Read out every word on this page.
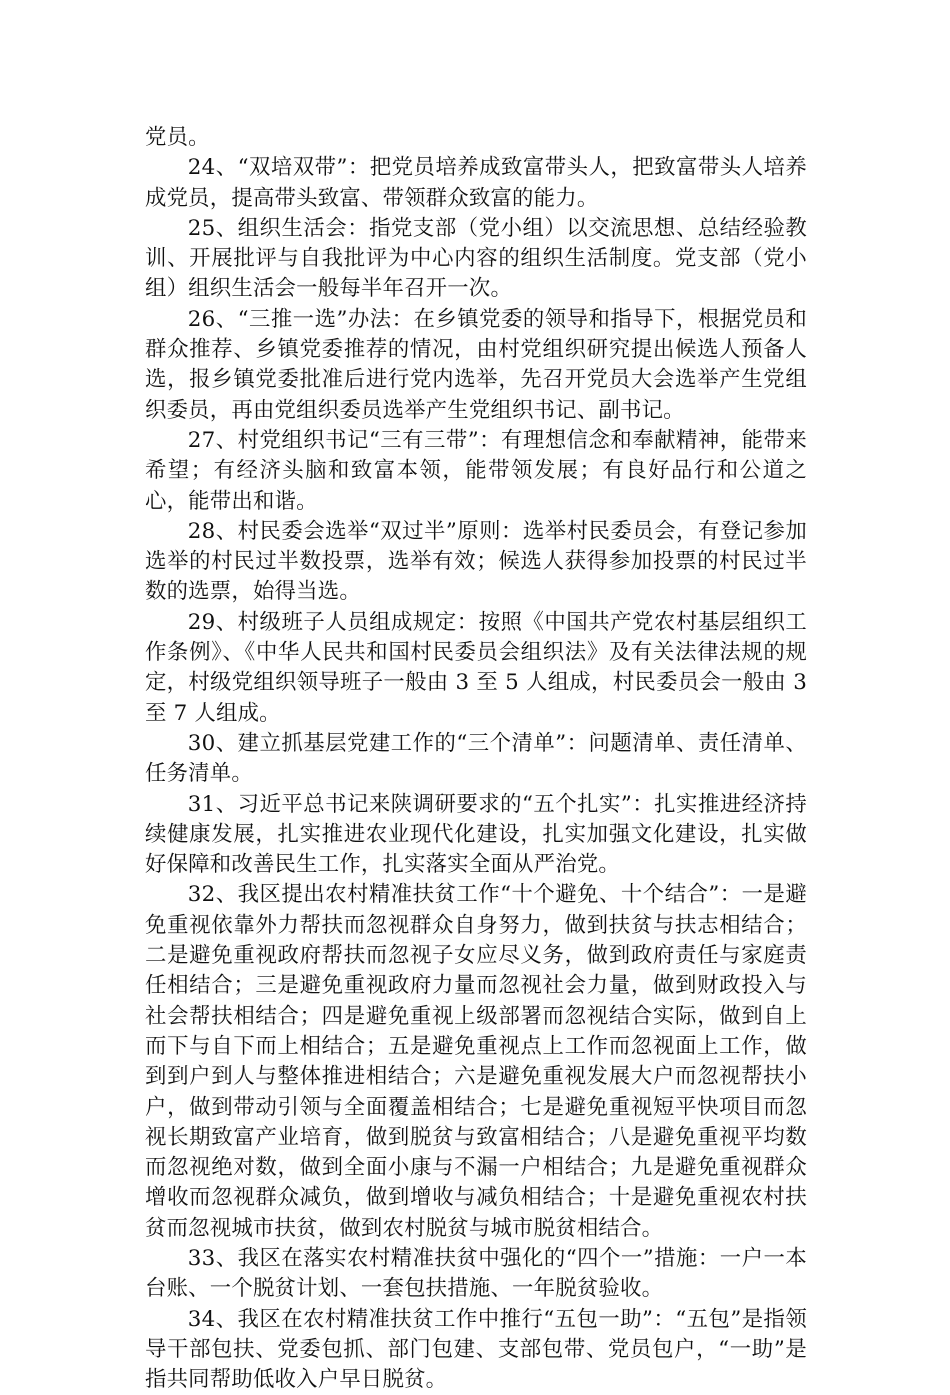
党员。

24、“双培双带”：把党员培养成致富带头人，把致富带头人培养成党员，提高带头致富、带领群众致富的能力。

25、组织生活会：指党支部（党小组）以交流思想、总结经验教训、开展批评与自我批评为中心内容的组织生活制度。党支部（党小组）组织生活会一般每半年召开一次。

26、“三推一选”办法：在乡镇党委的领导和指导下，根据党员和群众推荐、乡镇党委推荐的情况，由村党组织研究提出候选人预备人选，报乡镇党委批准后进行党内选举，先召开党员大会选举产生党组织委员，再由党组织委员选举产生党组织书记、副书记。

27、村党组织书记“三有三带”：有理想信念和奉献精神，能带来希望；有经济头脑和致富本领，能带领发展；有良好品行和公道之心，能带出和谐。

28、村民委会选举“双过半”原则：选举村民委员会，有登记参加选举的村民过半数投票，选举有效；候选人获得参加投票的村民过半数的选票，始得当选。

29、村级班子人员组成规定：按照《中国共产党农村基层组织工作条例》、《中华人民共和国村民委员会组织法》及有关法律法规的规定，村级党组织领导班子一般由 3 至 5 人组成，村民委员会一般由 3 至 7 人组成。

30、建立抓基层党建工作的“三个清单”：问题清单、责任清单、任务清单。

31、习近平总书记来陕调研要求的“五个扎实”：扎实推进经济持续健康发展，扎实推进农业现代化建设，扎实加强文化建设，扎实做好保障和改善民生工作，扎实落实全面从严治党。

32、我区提出农村精准扶贫工作“十个避免、十个结合”：一是避免重视依靠外力帮扶而忽视群众自身努力，做到扶贫与扶志相结合；二是避免重视政府帮扶而忽视子女应尽义务，做到政府责任与家庭责任相结合；三是避免重视政府力量而忽视社会力量，做到财政投入与社会帮扶相结合；四是避免重视上级部署而忽视结合实际，做到自上而下与自下而上相结合；五是避免重视点上工作而忽视面上工作，做到到户到人与整体推进相结合；六是避免重视发展大户而忽视帮扶小户，做到带动引领与全面覆盖相结合；七是避免重视短平快项目而忽视长期致富产业培育，做到脱贫与致富相结合；八是避免重视平均数而忽视绝对数，做到全面小康与不漏一户相结合；九是避免重视群众增收而忽视群众减负，做到增收与减负相结合；十是避免重视农村扶贫而忽视城市扶贫，做到农村脱贫与城市脱贫相结合。

33、我区在落实农村精准扶贫中强化的“四个一”措施：一户一本台账、一个脱贫计划、一套包扶措施、一年脱贫验收。

34、我区在农村精准扶贫工作中推行“五包一助”：“五包”是指领导干部包扶、党委包抓、部门包建、支部包带、党员包户，“一助”是指共同帮助低收入户早日脱贫。
